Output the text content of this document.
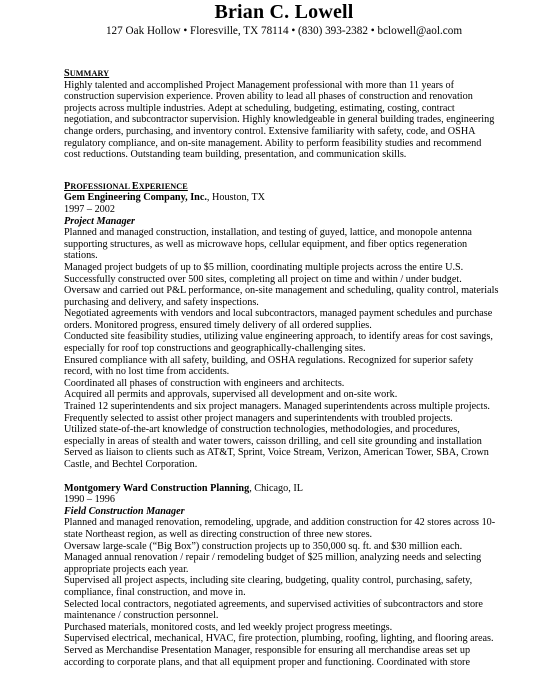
Brian C. Lowell
127 Oak Hollow • Floresville, TX 78114 • (830) 393-2382 • bclowell@aol.com
SUMMARY

Highly talented and accomplished Project Management professional with more than 11 years of construction supervision experience. Proven ability to lead all phases of construction and renovation projects across multiple industries. Adept at scheduling, budgeting, estimating, costing, contract negotiation, and subcontractor supervision. Highly knowledgeable in general building trades, engineering change orders, purchasing, and inventory control. Extensive familiarity with safety, code, and OSHA regulatory compliance, and on-site management. Ability to perform feasibility studies and recommend cost reductions. Outstanding team building, presentation, and communication skills.

PROFESSIONAL EXPERIENCE
Gem Engineering Company, Inc., Houston, TX
1997 – 2002
Project Manager

Planned and managed construction, installation, and testing of guyed, lattice, and monopole antenna supporting structures, as well as microwave hops, cellular equipment, and fiber optics regeneration stations.

Managed project budgets of up to $5 million, coordinating multiple projects across the entire U.S.

Successfully constructed over 500 sites, completing all project on time and within / under budget.

Oversaw and carried out P&L performance, on-site management and scheduling, quality control, materials purchasing and delivery, and safety inspections.

Negotiated agreements with vendors and local subcontractors, managed payment schedules and purchase orders. Monitored progress, ensured timely delivery of all ordered supplies.

Conducted site feasibility studies, utilizing value engineering approach, to identify areas for cost savings, especially for roof top constructions and geographically-challenging sites.

Ensured compliance with all safety, building, and OSHA regulations. Recognized for superior safety record, with no lost time from accidents.

Coordinated all phases of construction with engineers and architects.

Acquired all permits and approvals, supervised all development and on-site work.

Trained 12 superintendents and six project managers. Managed superintendents across multiple projects.

Frequently selected to assist other project managers and superintendents with troubled projects.

Utilized state-of-the-art knowledge of construction technologies, methodologies, and procedures, especially in areas of stealth and water towers, caisson drilling, and cell site grounding and installation

Served as liaison to clients such as AT&T, Sprint, Voice Stream, Verizon, American Tower, SBA, Crown Castle, and Bechtel Corporation.

Montgomery Ward Construction Planning, Chicago, IL
1990 – 1996
Field Construction Manager

Planned and managed renovation, remodeling, upgrade, and addition construction for 42 stores across 10-state Northeast region, as well as directing construction of three new stores.

Oversaw large-scale (“Big Box”) construction projects up to 350,000 sq. ft. and $30 million each.

Managed annual renovation / repair / remodeling budget of $25 million, analyzing needs and selecting appropriate projects each year.

Supervised all project aspects, including site clearing, budgeting, quality control, purchasing, safety, compliance, final construction, and move in.

Selected local contractors, negotiated agreements, and supervised activities of subcontractors and store maintenance / construction personnel.

Purchased materials, monitored costs, and led weekly project progress meetings.

Supervised electrical, mechanical, HVAC, fire protection, plumbing, roofing, lighting, and flooring areas.

Served as Merchandise Presentation Manager, responsible for ensuring all merchandise areas set up according to corporate plans, and that all equipment proper and functioning. Coordinated with store
